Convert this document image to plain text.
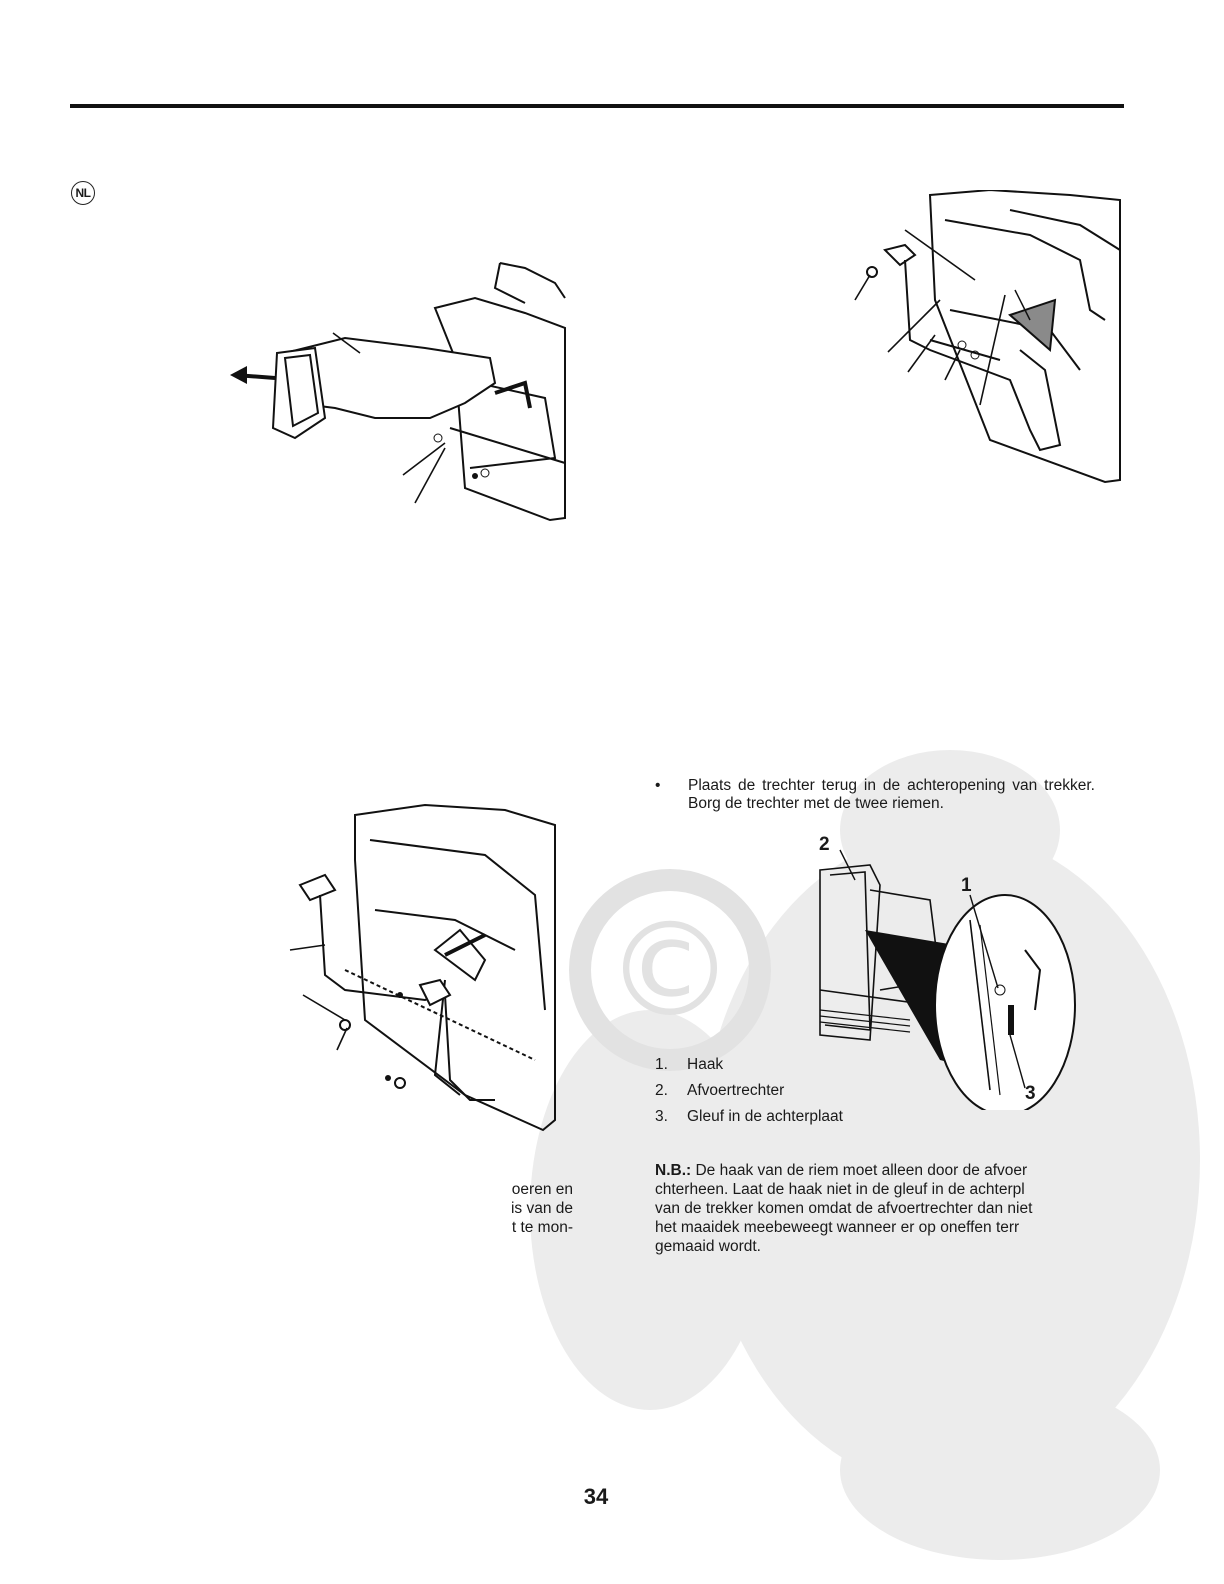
©
NL
1
2
3
• Plaats de trechter terug in de achteropening van trekker. Borg de trechter met de twee riemen.
1.	Haak
2.	Afvoertrechter
3.	Gleuf in de achterplaat
N.B.: De haak van de riem moet alleen door de afvoer
chterheen. Laat de haak niet in de gleuf in de achterpl
van de trekker komen omdat de afvoertrechter dan niet
het maaidek meebeweegt wanneer er op oneffen terr
gemaaid wordt.
oeren en
is van de
t te mon-
34
